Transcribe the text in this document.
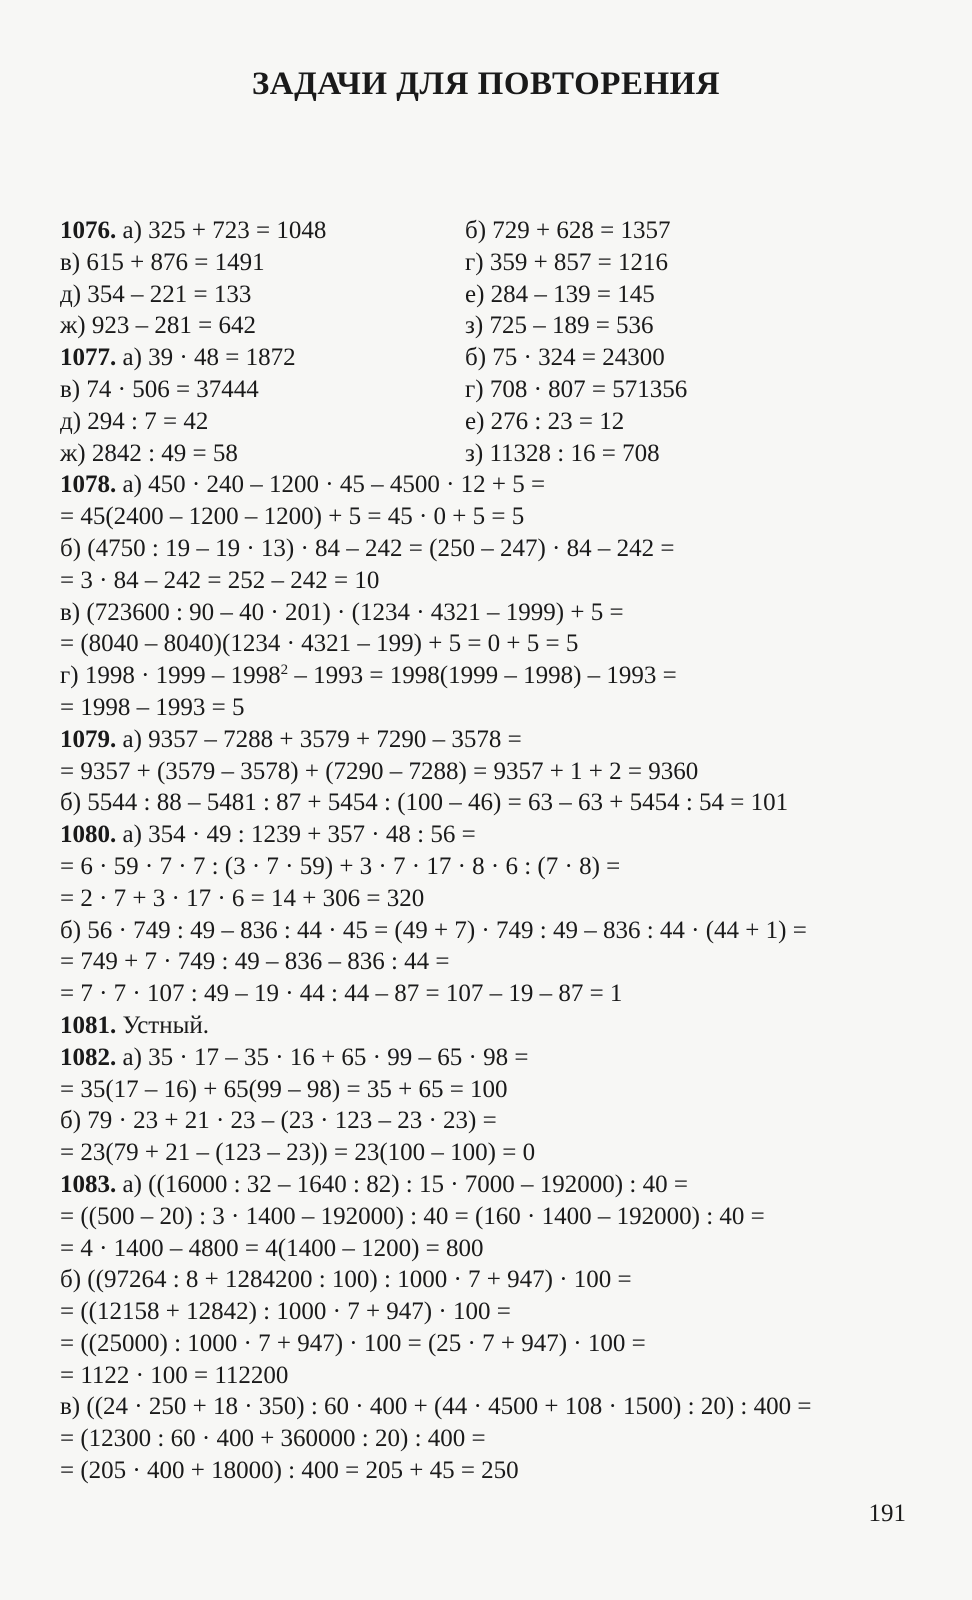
ЗАДАЧИ ДЛЯ ПОВТОРЕНИЯ
1076. а) 325 + 723 = 1048	б) 729 + 628 = 1357
в) 615 + 876 = 1491	г) 359 + 857 = 1216
д) 354 – 221 = 133	е) 284 – 139 = 145
ж) 923 – 281 = 642	з) 725 – 189 = 536
1077. а) 39 · 48 = 1872	б) 75 · 324 = 24300
в) 74 · 506 = 37444	г) 708 · 807 = 571356
д) 294 : 7 = 42	е) 276 : 23 = 12
ж) 2842 : 49 = 58	з) 11328 : 16 = 708
1078. а) 450 · 240 – 1200 · 45 – 4500 · 12 + 5 =
= 45(2400 – 1200 – 1200) + 5 = 45 · 0 + 5 = 5
б) (4750 : 19 – 19 · 13) · 84 – 242 = (250 – 247) · 84 – 242 =
= 3 · 84 – 242 = 252 – 242 = 10
в) (723600 : 90 – 40 · 201) · (1234 · 4321 – 1999) + 5 =
= (8040 – 8040)(1234 · 4321 – 199) + 5 = 0 + 5 = 5
г) 1998 · 1999 – 1998$^2$ – 1993 = 1998(1999 – 1998) – 1993 =
= 1998 – 1993 = 5
1079. а) 9357 – 7288 + 3579 + 7290 – 3578 =
= 9357 + (3579 – 3578) + (7290 – 7288) = 9357 + 1 + 2 = 9360
б) 5544 : 88 – 5481 : 87 + 5454 : (100 – 46) = 63 – 63 + 5454 : 54 = 101
1080. а) 354 · 49 : 1239 + 357 · 48 : 56 =
= 6 · 59 · 7 · 7 : (3 · 7 · 59) + 3 · 7 · 17 · 8 · 6 : (7 · 8) =
= 2 · 7 + 3 · 17 · 6 = 14 + 306 = 320
б) 56 · 749 : 49 – 836 : 44 · 45 = (49 + 7) · 749 : 49 – 836 : 44 · (44 + 1) =
= 749 + 7 · 749 : 49 – 836 – 836 : 44 =
= 7 · 7 · 107 : 49 – 19 · 44 : 44 – 87 = 107 – 19 – 87 = 1
1081. Устный.
1082. а) 35 · 17 – 35 · 16 + 65 · 99 – 65 · 98 =
= 35(17 – 16) + 65(99 – 98) = 35 + 65 = 100
б) 79 · 23 + 21 · 23 – (23 · 123 – 23 · 23) =
= 23(79 + 21 – (123 – 23)) = 23(100 – 100) = 0
1083. а) ((16000 : 32 – 1640 : 82) : 15 · 7000 – 192000) : 40 =
= ((500 – 20) : 3 · 1400 – 192000) : 40 = (160 · 1400 – 192000) : 40 =
= 4 · 1400 – 4800 = 4(1400 – 1200) = 800
б) ((97264 : 8 + 1284200 : 100) : 1000 · 7 + 947) · 100 =
= ((12158 + 12842) : 1000 · 7 + 947) · 100 =
= ((25000) : 1000 · 7 + 947) · 100 = (25 · 7 + 947) · 100 =
= 1122 · 100 = 112200
в) ((24 · 250 + 18 · 350) : 60 · 400 + (44 · 4500 + 108 · 1500) : 20) : 400 =
= (12300 : 60 · 400 + 360000 : 20) : 400 =
= (205 · 400 + 18000) : 400 = 205 + 45 = 250
191
